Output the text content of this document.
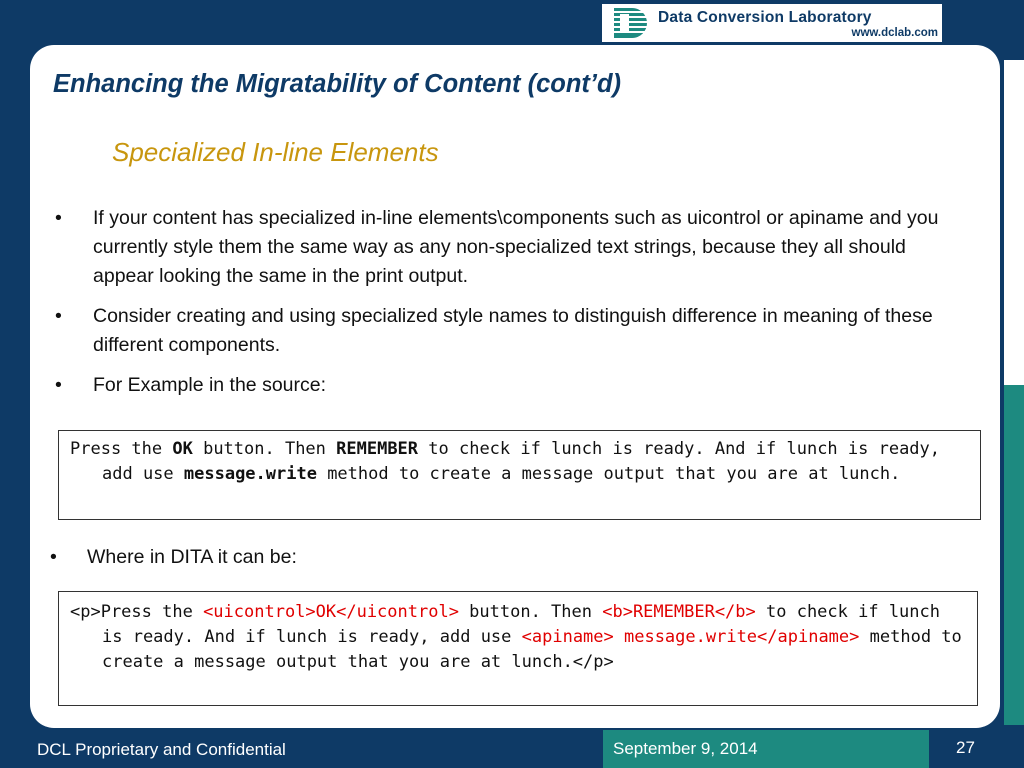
Data Conversion Laboratory
www.dclab.com
Enhancing the Migratability of Content (cont’d)
Specialized In-line Elements
• If your content has specialized in-line elements\components such as uicontrol or apiname and you currently style them the same way as any non-specialized text strings, because they all should appear looking the same in the print output.
• Consider creating and using specialized style names to distinguish difference in meaning of these different components.
• For Example in the source:

Press the OK button. Then REMEMBER to check if lunch is ready. And if lunch is ready, add use message.write method to create a message output that you are at lunch.

• Where in DITA it can be:

<p>Press the <uicontrol>OK</uicontrol> button. Then <b>REMEMBER</b> to check if lunch is ready. And if lunch is ready, add use <apiname> message.write</apiname> method to create a message output that you are at lunch.</p>

DCL Proprietary and Confidential	September 9, 2014	27
